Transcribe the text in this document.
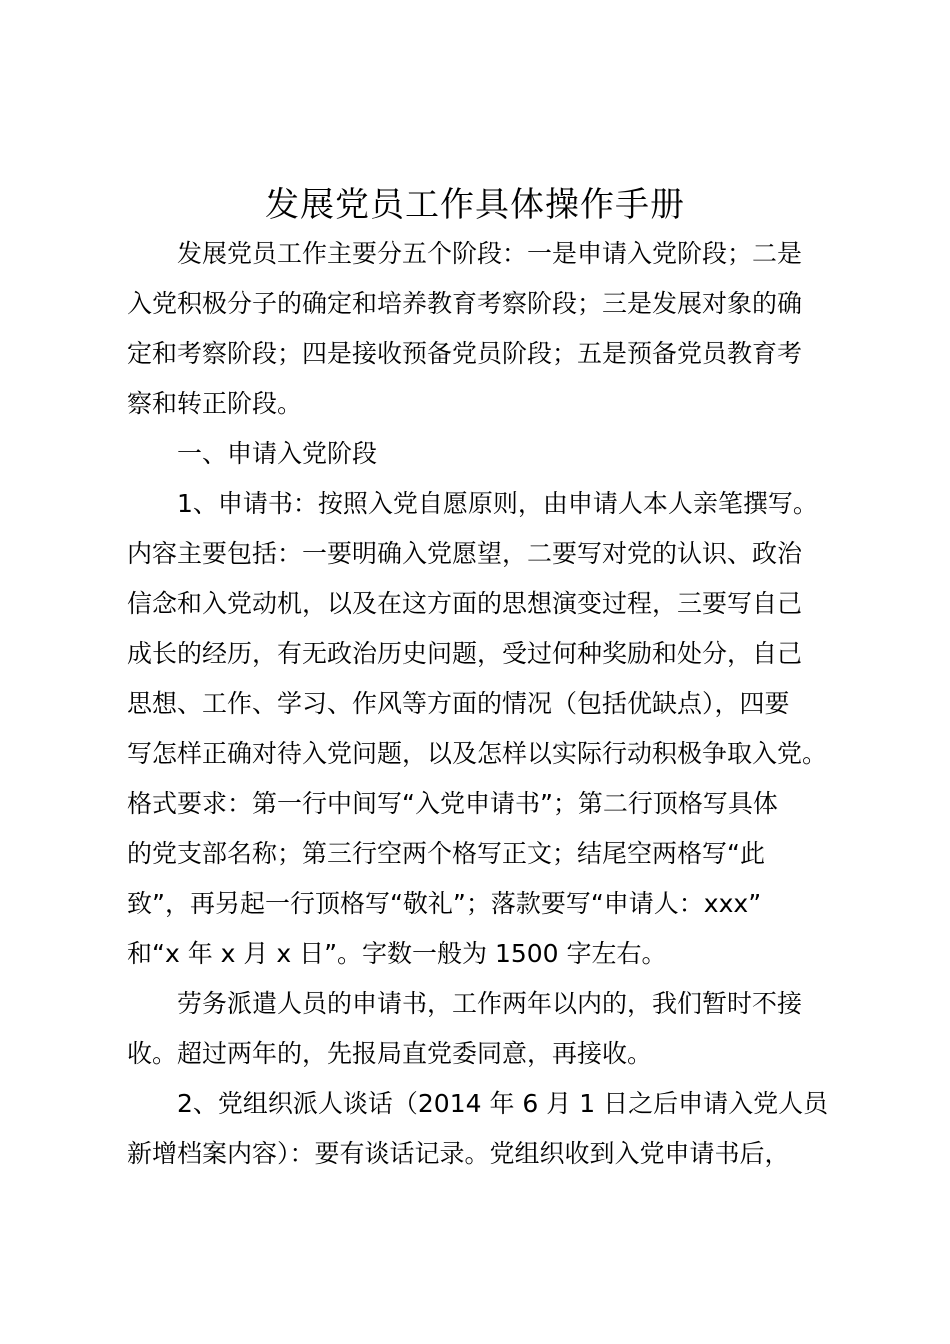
发展党员工作具体操作手册
发展党员工作主要分五个阶段：一是申请入党阶段；二是
入党积极分子的确定和培养教育考察阶段；三是发展对象的确
定和考察阶段；四是接收预备党员阶段；五是预备党员教育考
察和转正阶段。
一、申请入党阶段
1、申请书：按照入党自愿原则，由申请人本人亲笔撰写。
内容主要包括：一要明确入党愿望，二要写对党的认识、政治
信念和入党动机，以及在这方面的思想演变过程，三要写自己
成长的经历，有无政治历史问题，受过何种奖励和处分，自己
思想、工作、学习、作风等方面的情况（包括优缺点），四要
写怎样正确对待入党问题，以及怎样以实际行动积极争取入党。
格式要求：第一行中间写“入党申请书”；第二行顶格写具体
的党支部名称；第三行空两个格写正文；结尾空两格写“此
致”，再另起一行顶格写“敬礼”；落款要写“申请人：xxx”
和“x 年 x 月 x 日”。字数一般为 1500 字左右。
劳务派遣人员的申请书，工作两年以内的，我们暂时不接
收。超过两年的，先报局直党委同意，再接收。
2、党组织派人谈话（2014 年 6 月 1 日之后申请入党人员
新增档案内容）：要有谈话记录。党组织收到入党申请书后，
